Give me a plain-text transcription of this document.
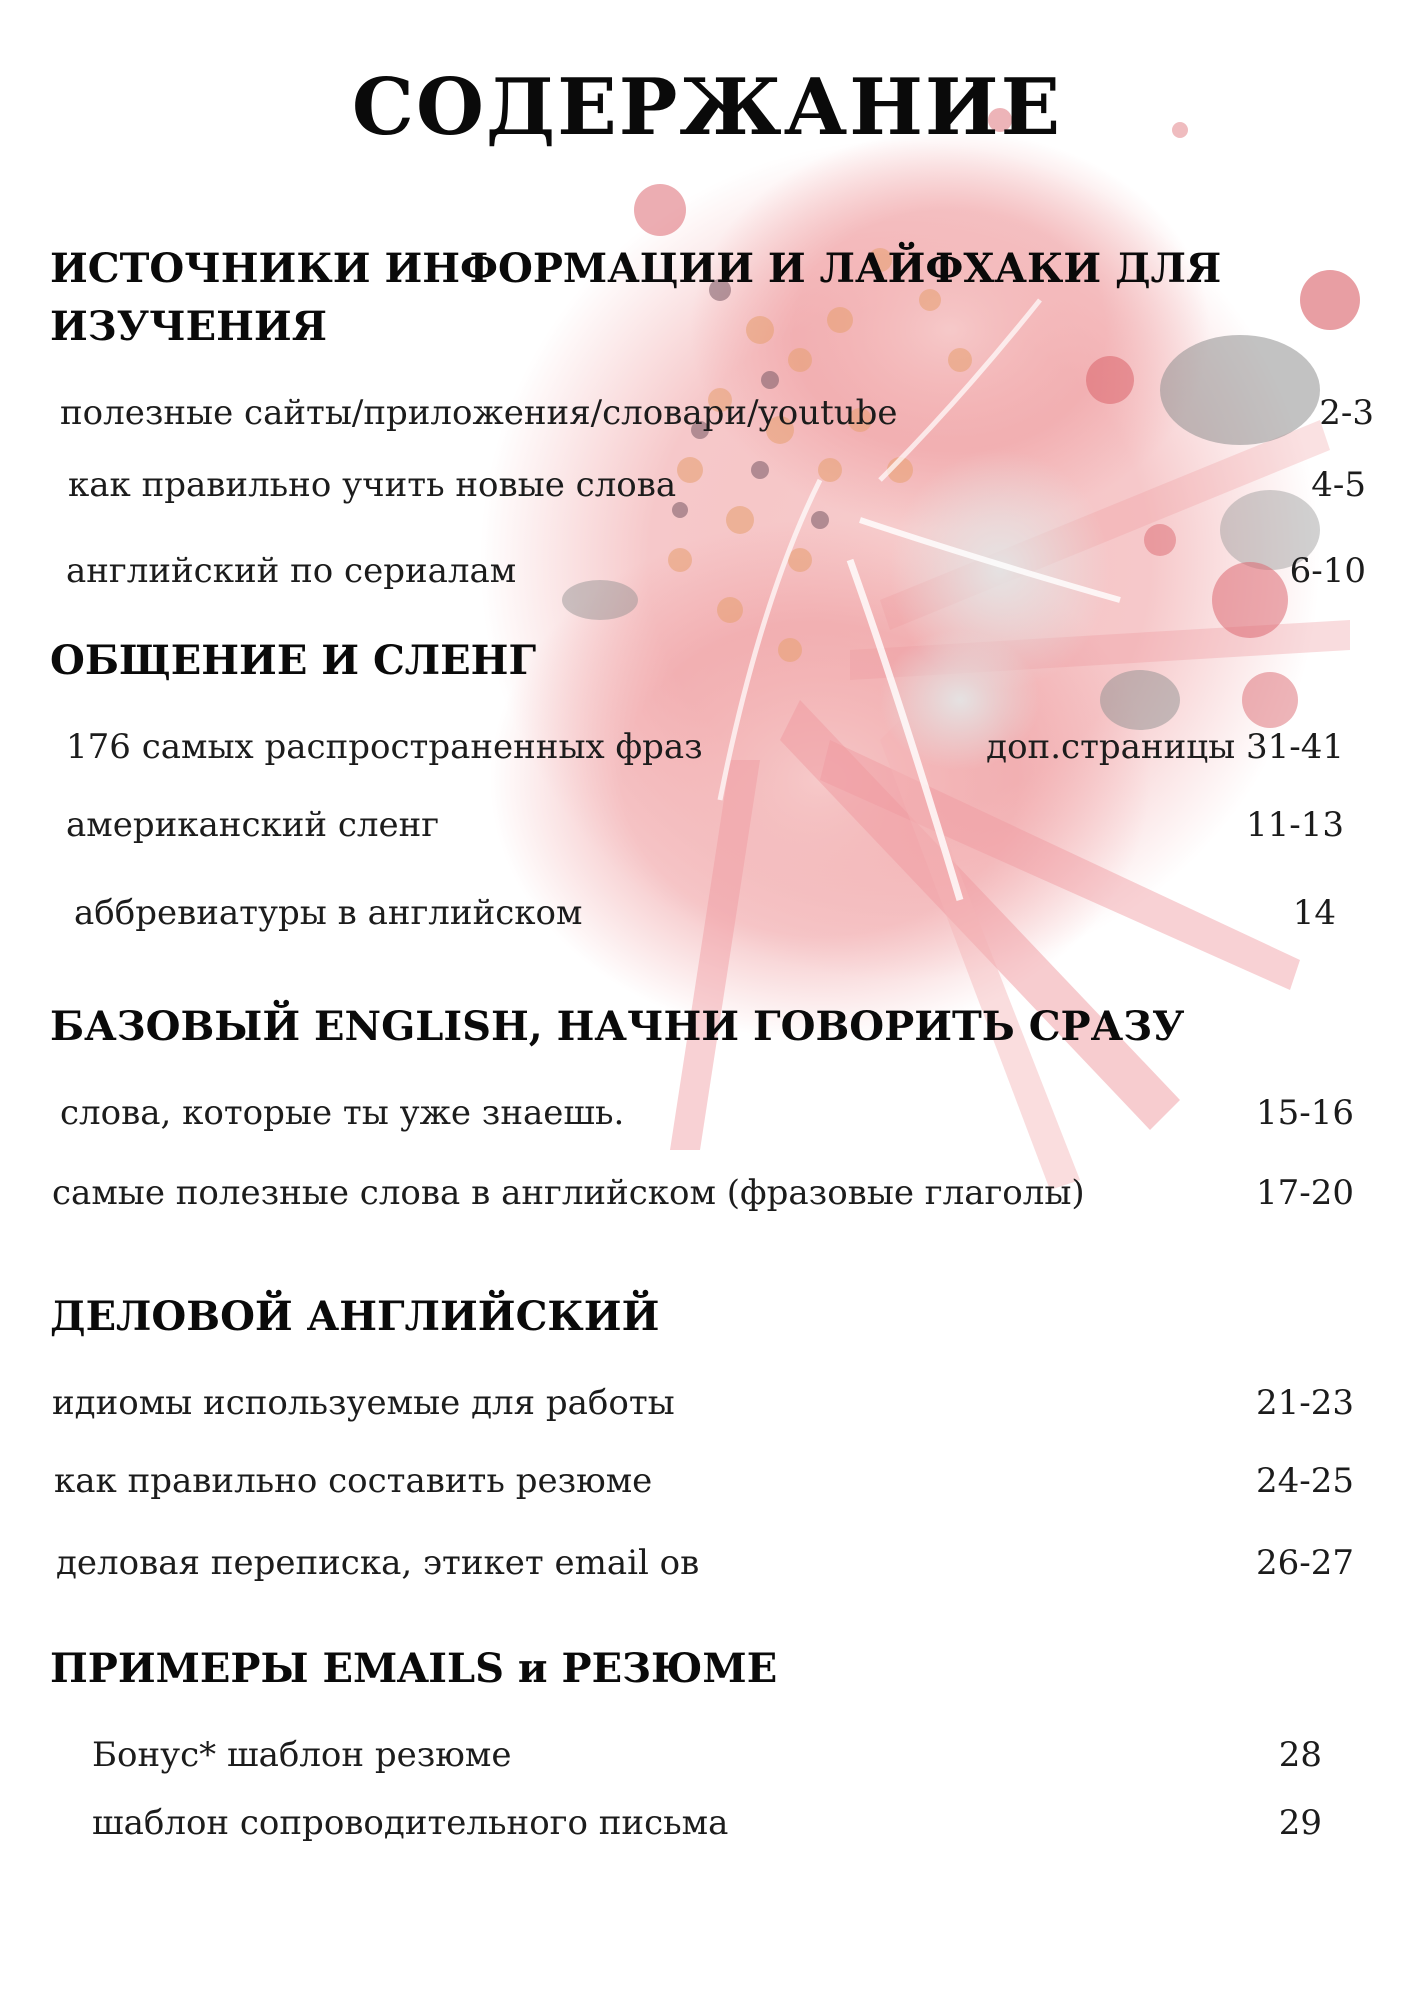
СОДЕРЖАНИЕ
ИСТОЧНИКИ ИНФОРМАЦИИ И ЛАЙФХАКИ ДЛЯ ИЗУЧЕНИЯ
полезные сайты/приложения/словари/youtube	2-3
как правильно учить новые слова	4-5
английский по сериалам	6-10
ОБЩЕНИЕ И СЛЕНГ
176 самых распространенных фраз	доп.страницы 31-41
американский сленг	11-13
аббревиатуры в английском	14
БАЗОВЫЙ ENGLISH, НАЧНИ ГОВОРИТЬ СРАЗУ
слова, которые ты уже знаешь.	15-16
самые полезные слова в английском (фразовые глаголы)	17-20
ДЕЛОВОЙ АНГЛИЙСКИЙ
идиомы используемые для работы	21-23
как правильно составить резюме	24-25
деловая переписка, этикет email ов	26-27
ПРИМЕРЫ EMAILS и РЕЗЮМЕ
Бонус* шаблон резюме	28
шаблон сопроводительного письма	29
